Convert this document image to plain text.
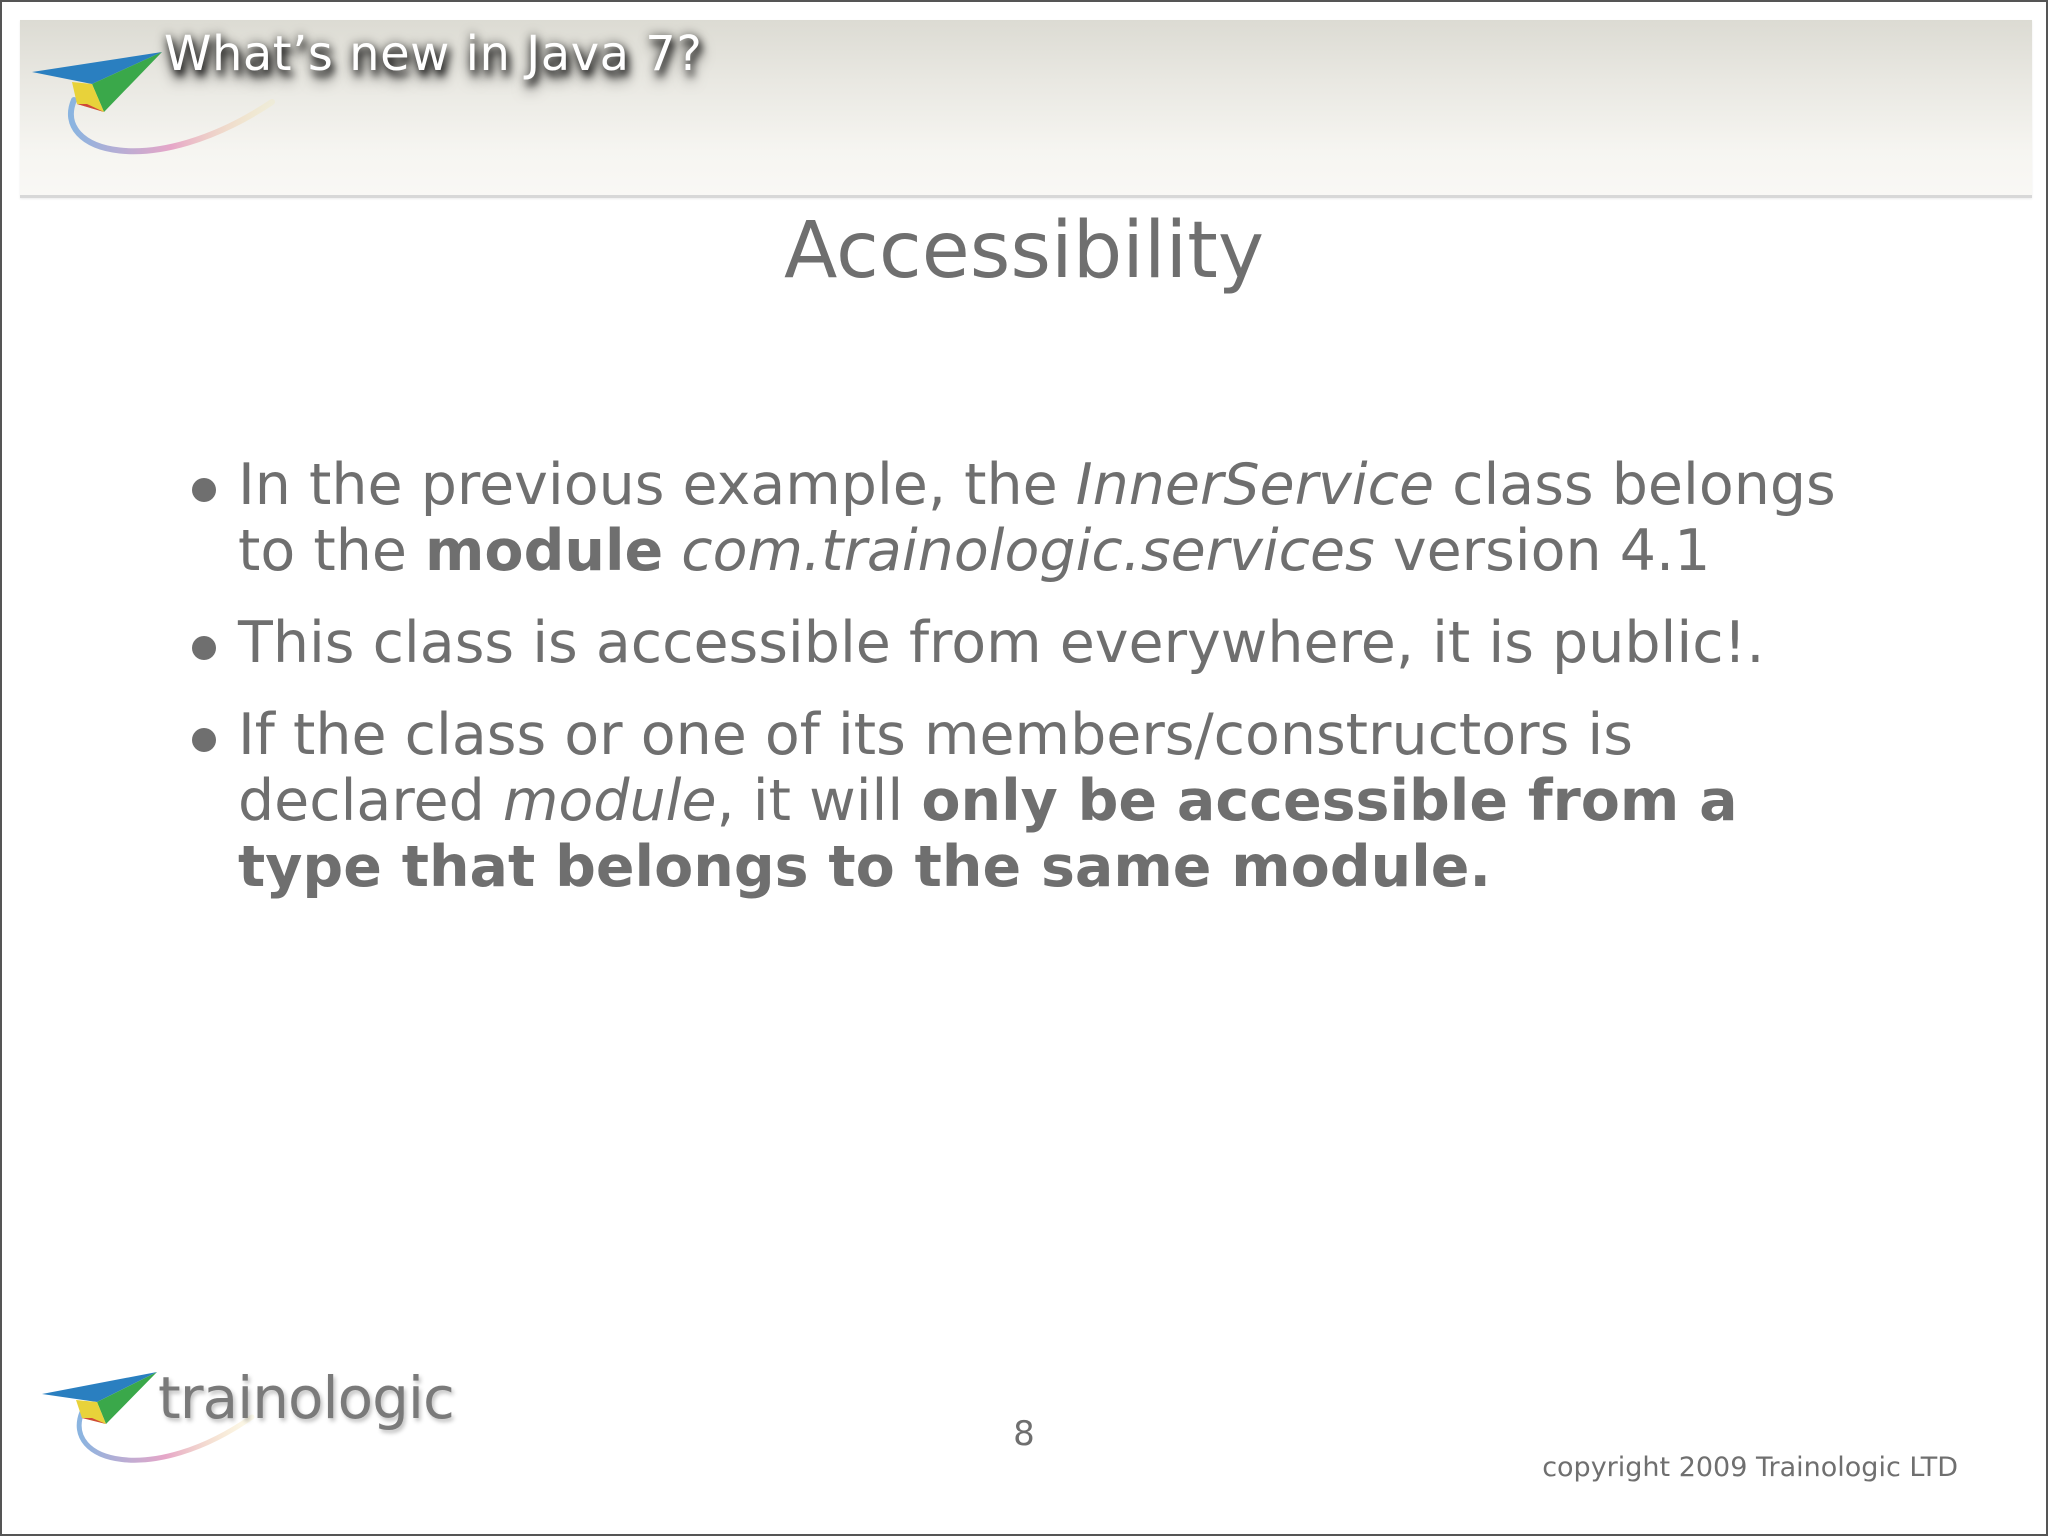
What’s new in Java 7?
Accessibility
In the previous example, the InnerService class belongs to the module com.trainologic.services version 4.1
This class is accessible from everywhere, it is public!.
If the class or one of its members/constructors is declared module, it will only be accessible from a type that belongs to the same module.
trainologic
8
copyright 2009 Trainologic LTD
